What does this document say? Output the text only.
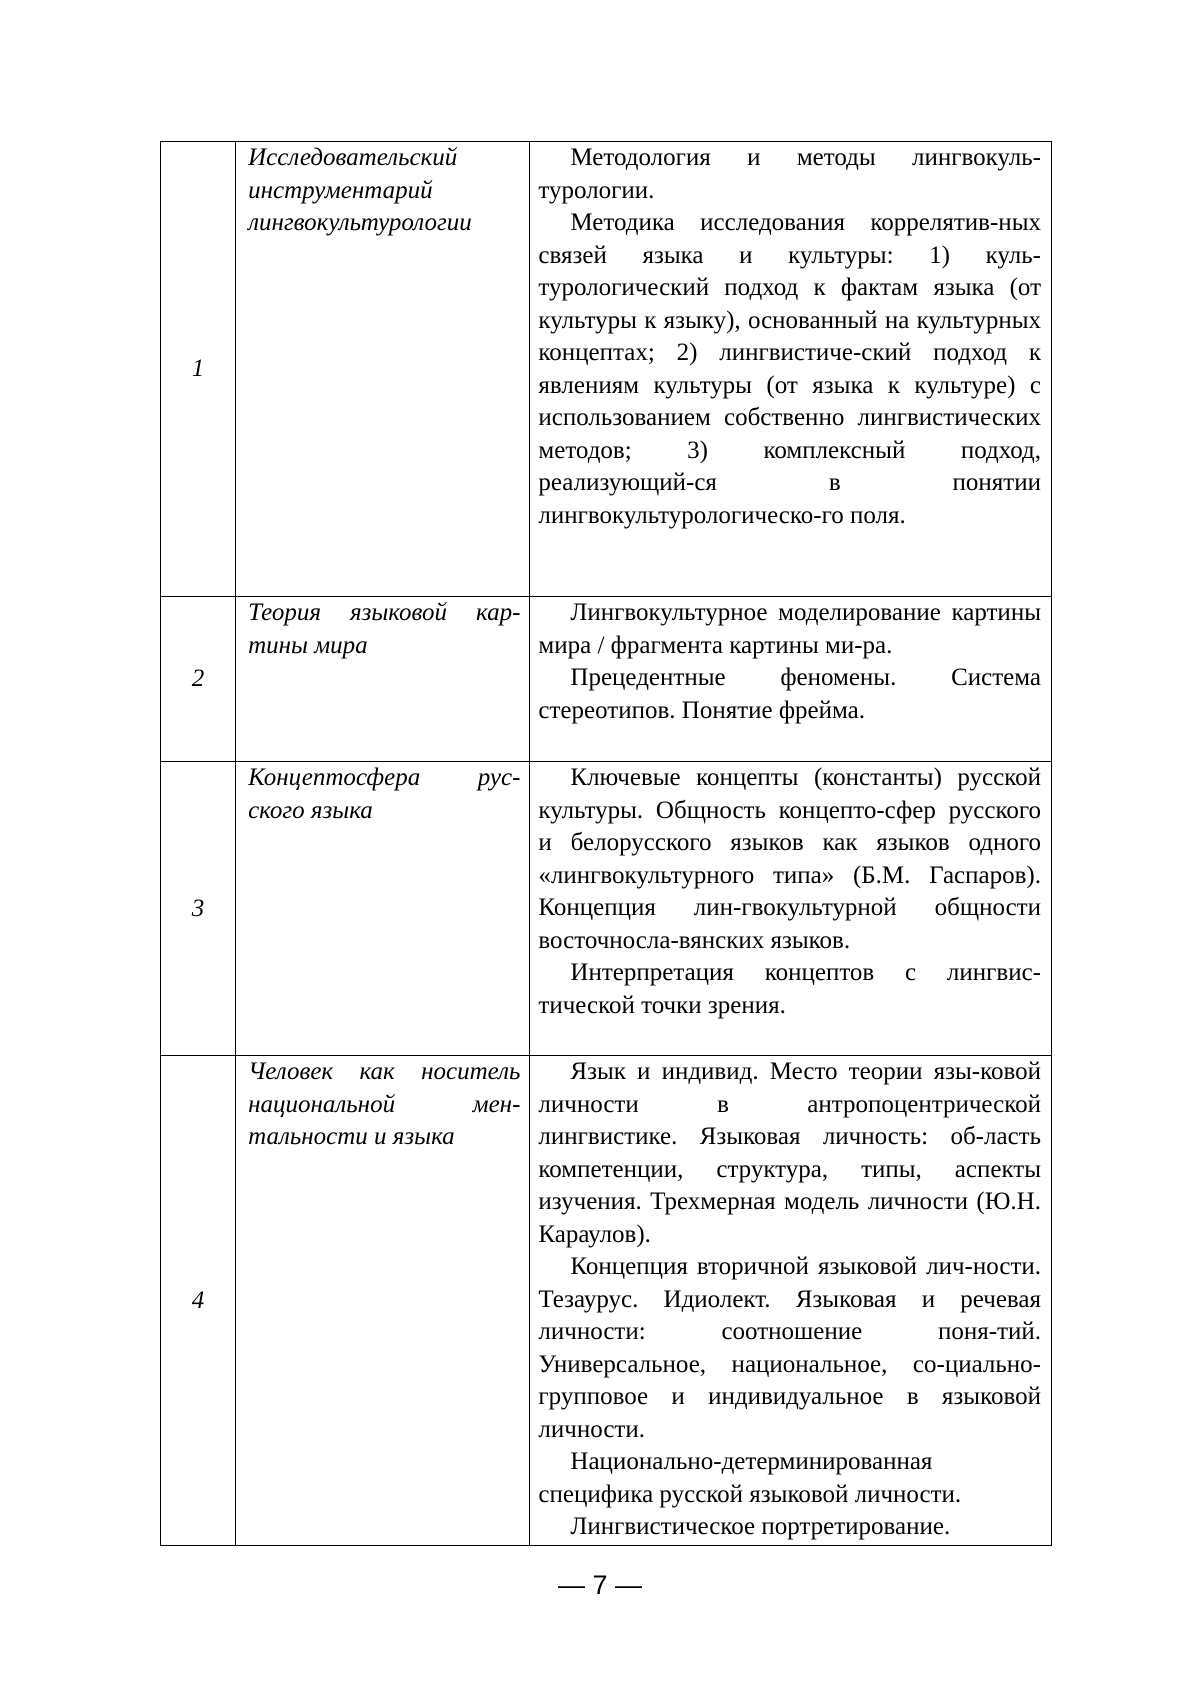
1	Исследовательский инструментарий лингвокультурологии	Методология и методы лингвокуль-турологии.

Методика исследования коррелятив-ных связей языка и культуры: 1) куль-турологический подход к фактам языка (от культуры к языку), основанный на культурных концептах; 2) лингвистиче-ский подход к явлениям культуры (от языка к культуре) с использованием собственно лингвистических методов; 3) комплексный подход, реализующий-ся в понятии лингвокультурологическо-го поля.

2	Теория языковой кар-тины мира	Лингвокультурное моделирование картины мира / фрагмента картины ми-ра.

Прецедентные феномены. Система стереотипов. Понятие фрейма.

3	Концептосфера рус-ского языка	Ключевые концепты (константы) русской культуры. Общность концепто-сфер русского и белорусского языков как языков одного «лингвокультурного типа» (Б.М. Гаспаров). Концепция лин-гвокультурной общности восточносла-вянских языков.

Интерпретация концептов с лингвис-тической точки зрения.

4	Человек как носитель национальной мен-тальности и языка	Язык и индивид. Место теории язы-ковой личности в антропоцентрической лингвистике. Языковая личность: об-ласть компетенции, структура, типы, аспекты изучения. Трехмерная модель личности (Ю.Н. Караулов).

Концепция вторичной языковой лич-ности. Тезаурус. Идиолект. Языковая и речевая личности: соотношение поня-тий. Универсальное, национальное, со-циально-групповое и индивидуальное в языковой личности.

Национально-детерминированная специфика русской языковой личности.

Лингвистическое портретирование.

— 7 —
